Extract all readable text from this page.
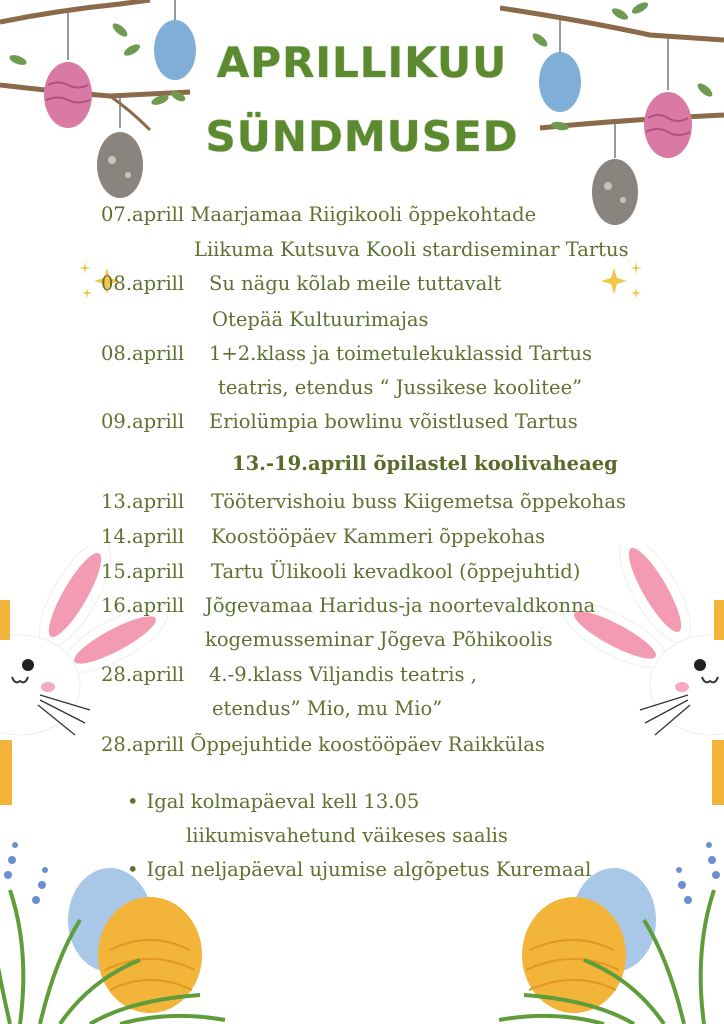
APRILLIKUU
SÜNDMUSED
07.aprill Maarjamaa Riigikooli õppekohtade
Liikuma Kutsuva Kooli stardiseminar Tartus
08.aprill Su nägu kõlab meile tuttavalt
Otepää Kultuurimajas
08.aprill 1+2.klass ja toimetulekuklassid Tartus
teatris, etendus “ Jussikese koolitee”
09.aprill Eriolümpia bowlinu võistlused Tartus
13.-19.aprill õpilastel koolivaheaeg
13.aprill Töötervishoiu buss Kiigemetsa õppekohas
14.aprill Koostööpäev Kammeri õppekohas
15.aprill Tartu Ülikooli kevadkool (õppejuhtid)
16.aprill Jõgevamaa Haridus-ja noortevaldkonna
kogemusseminar Jõgeva Põhikoolis
28.aprill 4.-9.klass Viljandis teatris ,
etendus” Mio, mu Mio”
28.aprill Õppejuhtide koostööpäev Raikkülas
• Igal kolmapäeval kell 13.05
liikumisvahetund väikeses saalis
• Igal neljapäeval ujumise algõpetus Kuremaal
